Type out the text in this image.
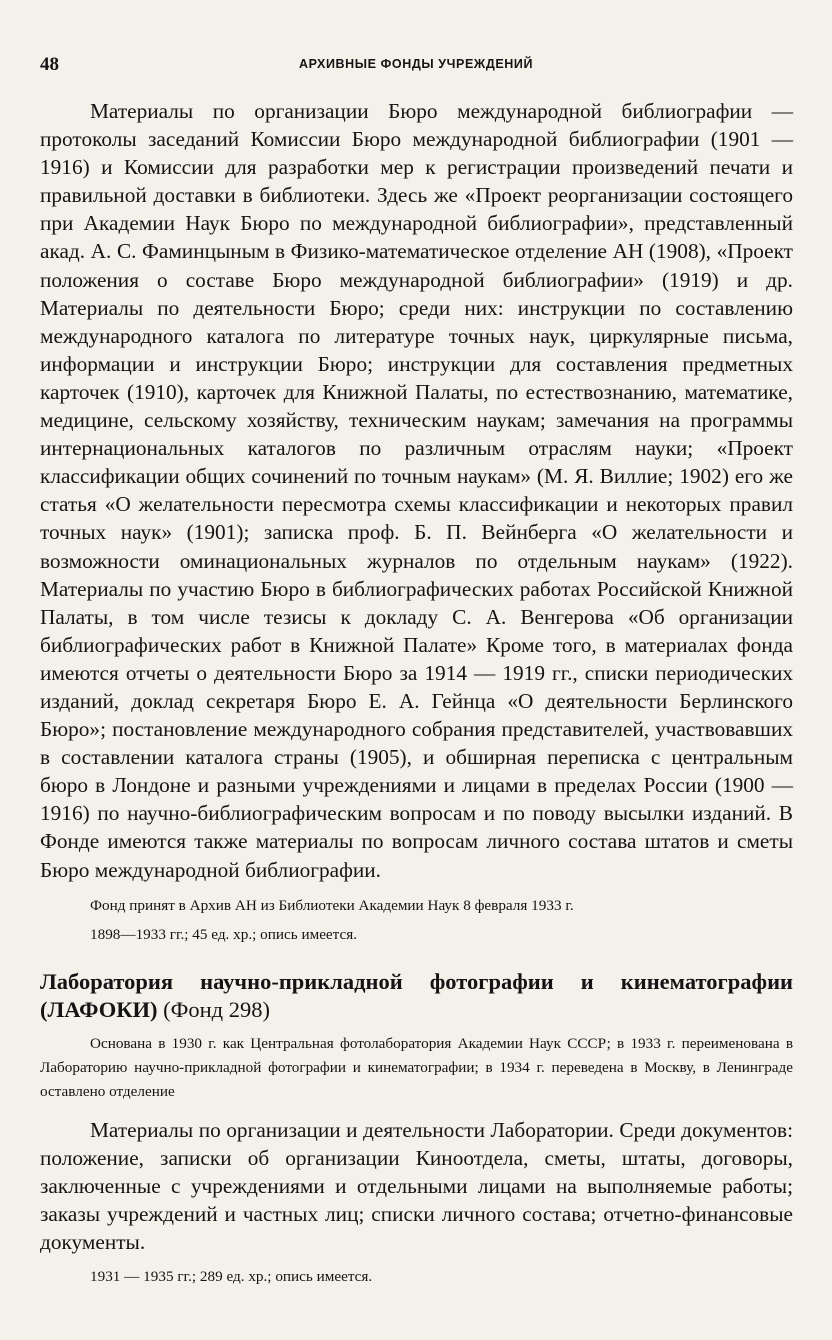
48	АРХИВНЫЕ ФОНДЫ УЧРЕЖДЕНИЙ

Материалы по организации Бюро международной библиографии — протоколы заседаний Комиссии Бюро международной библиографии (1901 — 1916) и Комиссии для разработки мер к регистрации произведений печати и правильной доставки в библиотеки. Здесь же «Проект реорганизации состоящего при Академии Наук Бюро по международной библиографии», представленный акад. А. С. Фаминцыным в Физико-математическое отделение АН (1908), «Проект положения о составе Бюро международной библиографии» (1919) и др. Материалы по деятельности Бюро; среди них: инструкции по составлению международного каталога по литературе точных наук, циркулярные письма, информации и инструкции Бюро; инструкции для составления предметных карточек (1910), карточек для Книжной Палаты, по естествознанию, математике, медицине, сельскому хозяйству, техническим наукам; замечания на программы интернациональных каталогов по различным отраслям науки; «Проект классификации общих сочинений по точным наукам» (М. Я. Виллие; 1902) его же статья «О желательности пересмотра схемы классификации и некоторых правил точных наук» (1901); записка проф. Б. П. Вейнберга «О желательности и возможности оминациональных журналов по отдельным наукам» (1922). Материалы по участию Бюро в библиографических работах Российской Книжной Палаты, в том числе тезисы к докладу С. А. Венгерова «Об организации библиографических работ в Книжной Палате» Кроме того, в материалах фонда имеются отчеты о деятельности Бюро за 1914 — 1919 гг., списки периодических изданий, доклад секретаря Бюро Е. А. Гейнца «О деятельности Берлинского Бюро»; постановление международного собрания представителей, участвовавших в составлении каталога страны (1905), и обширная переписка с центральным бюро в Лондоне и разными учреждениями и лицами в пределах России (1900 — 1916) по научно-библиографическим вопросам и по поводу высылки изданий. В Фонде имеются также материалы по вопросам личного состава штатов и сметы Бюро международной библиографии.

Фонд принят в Архив АН из Библиотеки Академии Наук 8 февраля 1933 г.

1898—1933 гг.; 45 ед. хр.; опись имеется.

Лаборатория научно-прикладной фотографии и кинематографии (ЛАФОКИ) (Фонд 298)

Основана в 1930 г. как Центральная фотолаборатория Академии Наук СССР; в 1933 г. переименована в Лабораторию научно-прикладной фотографии и кинематографии; в 1934 г. переведена в Москву, в Ленинграде оставлено отделение

Материалы по организации и деятельности Лаборатории. Среди документов: положение, записки об организации Киноотдела, сметы, штаты, договоры, заключенные с учреждениями и отдельными лицами на выполняемые работы; заказы учреждений и частных лиц; списки личного состава; отчетно-финансовые документы.

1931 — 1935 гг.; 289 ед. хр.; опись имеется.
